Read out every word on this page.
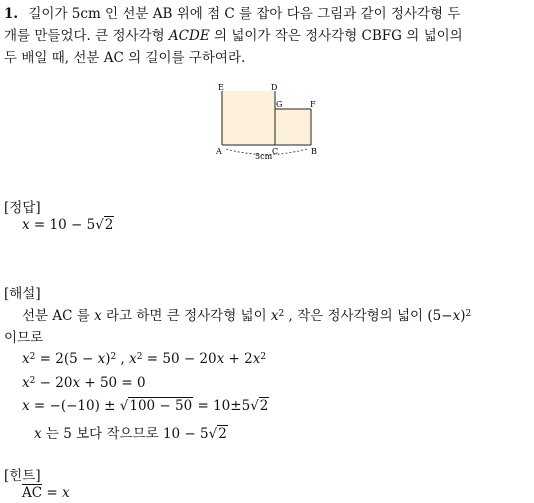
1. 길이가 5cm 인 선분 AB 위에 점 C 를 잡아 다음 그림과 같이 정사각형 두
개를 만들었다. 큰 정사각형 ACDE 의 넓이가 작은 정사각형 CBFG 의 넓이의
두 배일 때, 선분 AC 의 길이를 구하여라.
E	D
G	F
A	C	B
5cm
[정답]
x = 10 − 5√2
[해설]
선분 AC 를 x 라고 하면 큰 정사각형 넓이 $x^2$ , 작은 정사각형의 넓이 $(5-x)^2$
이므로
$x^2 = 2(5 - x)^2$ , $x^2 = 50 - 20x + 2x^2$
$x^2 - 20x + 50 = 0$
x = −(−10) ± √100 − 50 = 10±5√2
x 는 5 보다 작으므로 10 − 5√2
[힌트]
AC = x
